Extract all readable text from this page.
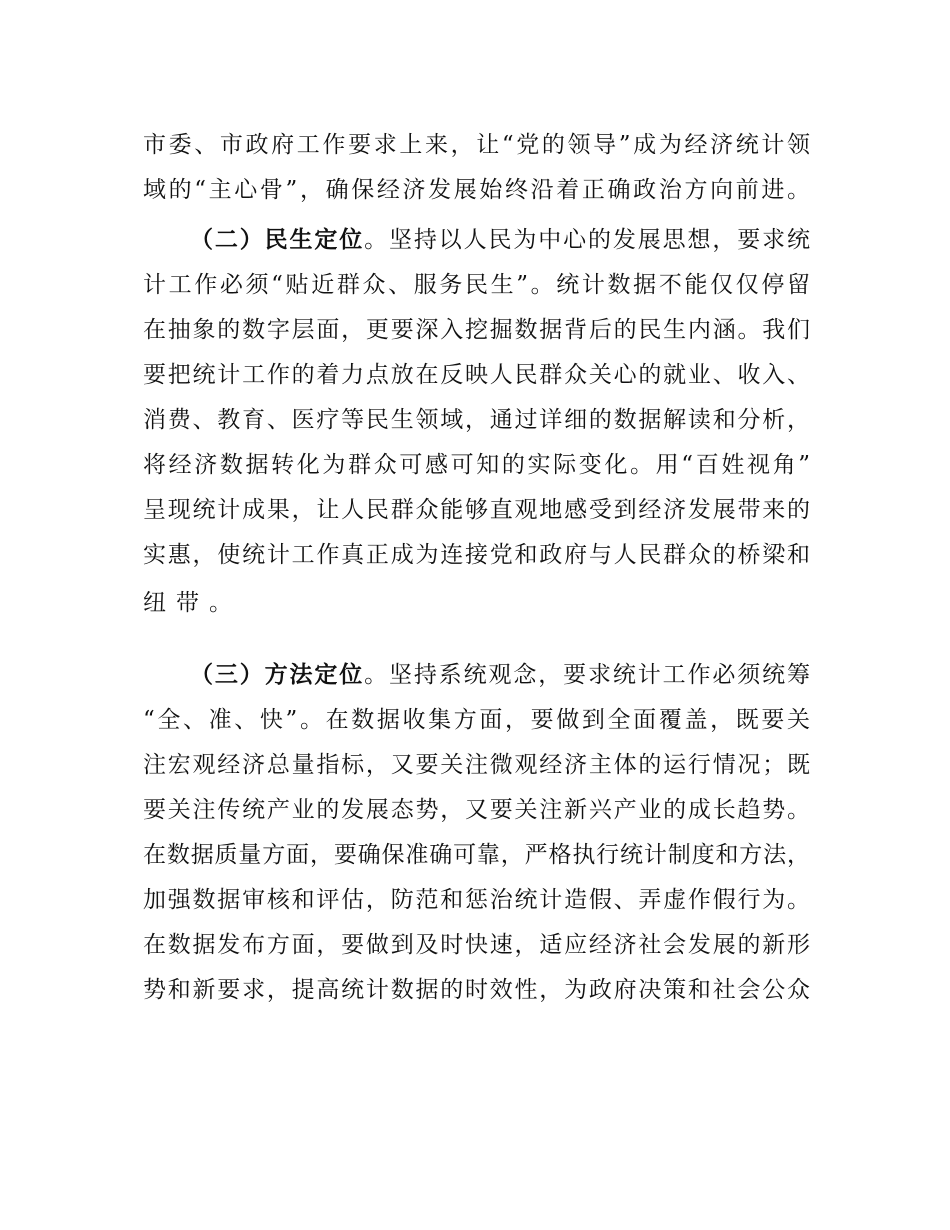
市委、市政府工作要求上来，让“党的领导”成为经济统计领
域的“主心骨”，确保经济发展始终沿着正确政治方向前进。
（二）民生定位。坚持以人民为中心的发展思想，要求统
计工作必须“贴近群众、服务民生”。统计数据不能仅仅停留
在抽象的数字层面，更要深入挖掘数据背后的民生内涵。我们
要把统计工作的着力点放在反映人民群众关心的就业、收入、
消费、教育、医疗等民生领域，通过详细的数据解读和分析，
将经济数据转化为群众可感可知的实际变化。用“百姓视角”
呈现统计成果，让人民群众能够直观地感受到经济发展带来的
实惠，使统计工作真正成为连接党和政府与人民群众的桥梁和
纽带。
（三）方法定位。坚持系统观念，要求统计工作必须统筹
“全、准、快”。在数据收集方面，要做到全面覆盖，既要关
注宏观经济总量指标，又要关注微观经济主体的运行情况；既
要关注传统产业的发展态势，又要关注新兴产业的成长趋势。
在数据质量方面，要确保准确可靠，严格执行统计制度和方法，
加强数据审核和评估，防范和惩治统计造假、弄虚作假行为。
在数据发布方面，要做到及时快速，适应经济社会发展的新形
势和新要求，提高统计数据的时效性，为政府决策和社会公众
